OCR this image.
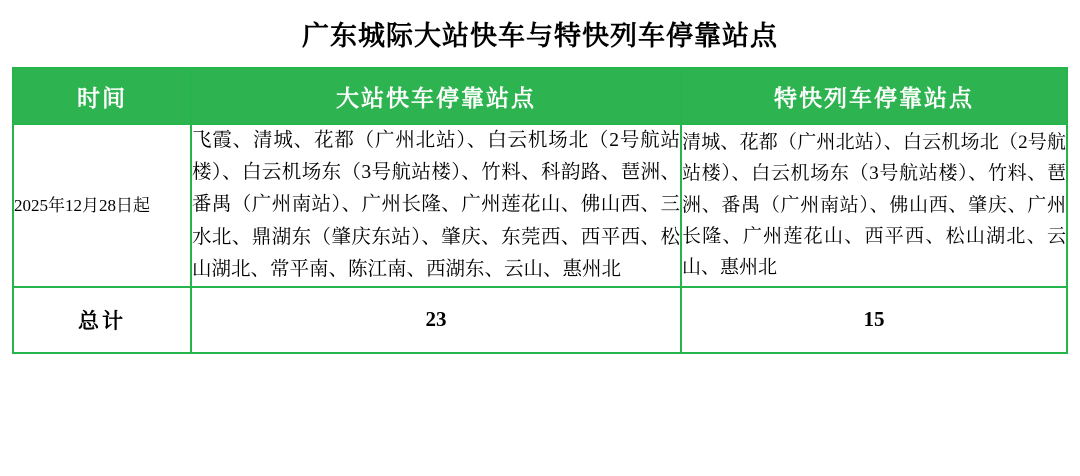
广东城际大站快车与特快列车停靠站点
时间	大站快车停靠站点	特快列车停靠站点
2025年12月28日起	飞霞、清城、花都（广州北站）、白云机场北（2号航站楼）、白云机场东（3号航站楼）、竹料、科韵路、琶洲、番禺（广州南站）、广州长隆、广州莲花山、佛山西、三水北、鼎湖东（肇庆东站）、肇庆、东莞西、西平西、松山湖北、常平南、陈江南、西湖东、云山、惠州北	清城、花都（广州北站）、白云机场北（2号航站楼）、白云机场东（3号航站楼）、竹料、琶洲、番禺（广州南站）、佛山西、肇庆、广州长隆、广州莲花山、西平西、松山湖北、云山、惠州北
总计	23	15
